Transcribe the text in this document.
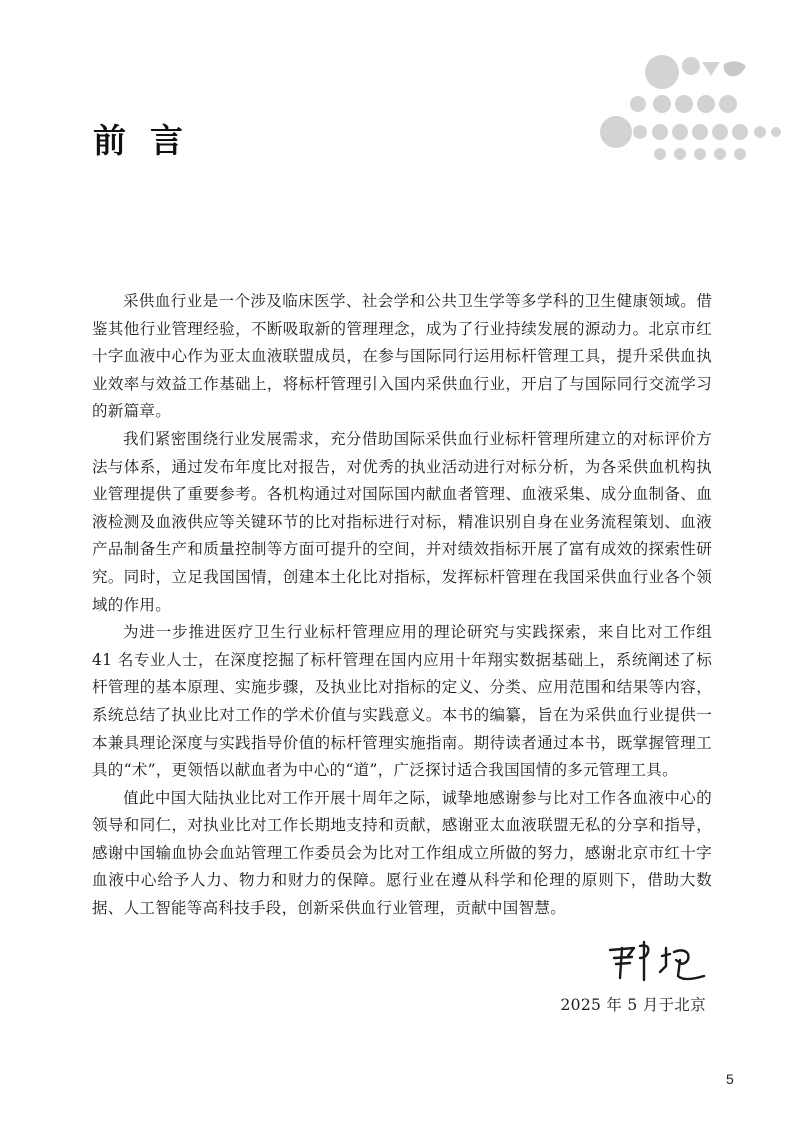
前言

采供血行业是一个涉及临床医学、社会学和公共卫生学等多学科的卫生健康领域。借鉴其他行业管理经验，不断吸取新的管理理念，成为了行业持续发展的源动力。北京市红十字血液中心作为亚太血液联盟成员，在参与国际同行运用标杆管理工具，提升采供血执业效率与效益工作基础上，将标杆管理引入国内采供血行业，开启了与国际同行交流学习的新篇章。

我们紧密围绕行业发展需求，充分借助国际采供血行业标杆管理所建立的对标评价方法与体系，通过发布年度比对报告，对优秀的执业活动进行对标分析，为各采供血机构执业管理提供了重要参考。各机构通过对国际国内献血者管理、血液采集、成分血制备、血液检测及血液供应等关键环节的比对指标进行对标，精准识别自身在业务流程策划、血液产品制备生产和质量控制等方面可提升的空间，并对绩效指标开展了富有成效的探索性研究。同时，立足我国国情，创建本土化比对指标，发挥标杆管理在我国采供血行业各个领域的作用。

为进一步推进医疗卫生行业标杆管理应用的理论研究与实践探索，来自比对工作组 41 名专业人士，在深度挖掘了标杆管理在国内应用十年翔实数据基础上，系统阐述了标杆管理的基本原理、实施步骤，及执业比对指标的定义、分类、应用范围和结果等内容，系统总结了执业比对工作的学术价值与实践意义。本书的编纂，旨在为采供血行业提供一本兼具理论深度与实践指导价值的标杆管理实施指南。期待读者通过本书，既掌握管理工具的“术”，更领悟以献血者为中心的“道”，广泛探讨适合我国国情的多元管理工具。

值此中国大陆执业比对工作开展十周年之际，诚挚地感谢参与比对工作各血液中心的领导和同仁，对执业比对工作长期地支持和贡献，感谢亚太血液联盟无私的分享和指导，感谢中国输血协会血站管理工作委员会为比对工作组成立所做的努力，感谢北京市红十字血液中心给予人力、物力和财力的保障。愿行业在遵从科学和伦理的原则下，借助大数据、人工智能等高科技手段，创新采供血行业管理，贡献中国智慧。

2025 年 5 月于北京
5
